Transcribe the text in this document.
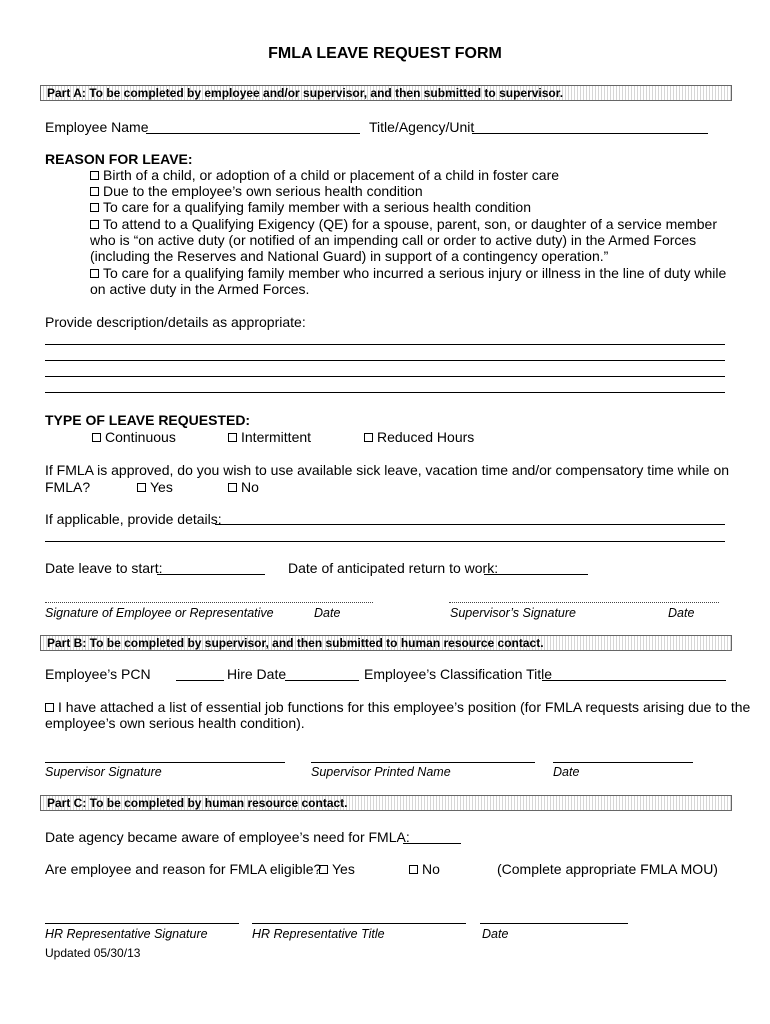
FMLA LEAVE REQUEST FORM
Part A: To be completed by employee and/or supervisor, and then submitted to supervisor.
Employee Name	Title/Agency/Unit
REASON FOR LEAVE:
Birth of a child, or adoption of a child or placement of a child in foster care
Due to the employee’s own serious health condition
To care for a qualifying family member with a serious health condition
To attend to a Qualifying Exigency (QE) for a spouse, parent, son, or daughter of a service member who is “on active duty (or notified of an impending call or order to active duty) in the Armed Forces (including the Reserves and National Guard) in support of a contingency operation.”
To care for a qualifying family member who incurred a serious injury or illness in the line of duty while on active duty in the Armed Forces.
Provide description/details as appropriate:
TYPE OF LEAVE REQUESTED:
Continuous	Intermittent	Reduced Hours
If FMLA is approved, do you wish to use available sick leave, vacation time and/or compensatory time while on
FMLA?	Yes	No
If applicable, provide details:
Date leave to start:	Date of anticipated return to work:
Signature of Employee or Representative	Date	Supervisor’s Signature	Date
Part B: To be completed by supervisor, and then submitted to human resource contact.
Employee’s PCN	Hire Date	Employee’s Classification Title
I have attached a list of essential job functions for this employee’s position (for FMLA requests arising due to the
employee’s own serious health condition).
Supervisor Signature	Supervisor Printed Name	Date
Part C: To be completed by human resource contact.
Date agency became aware of employee’s need for FMLA:
Are employee and reason for FMLA eligible? Yes	No	(Complete appropriate FMLA MOU)
HR Representative Signature	HR Representative Title	Date
Updated 05/30/13
